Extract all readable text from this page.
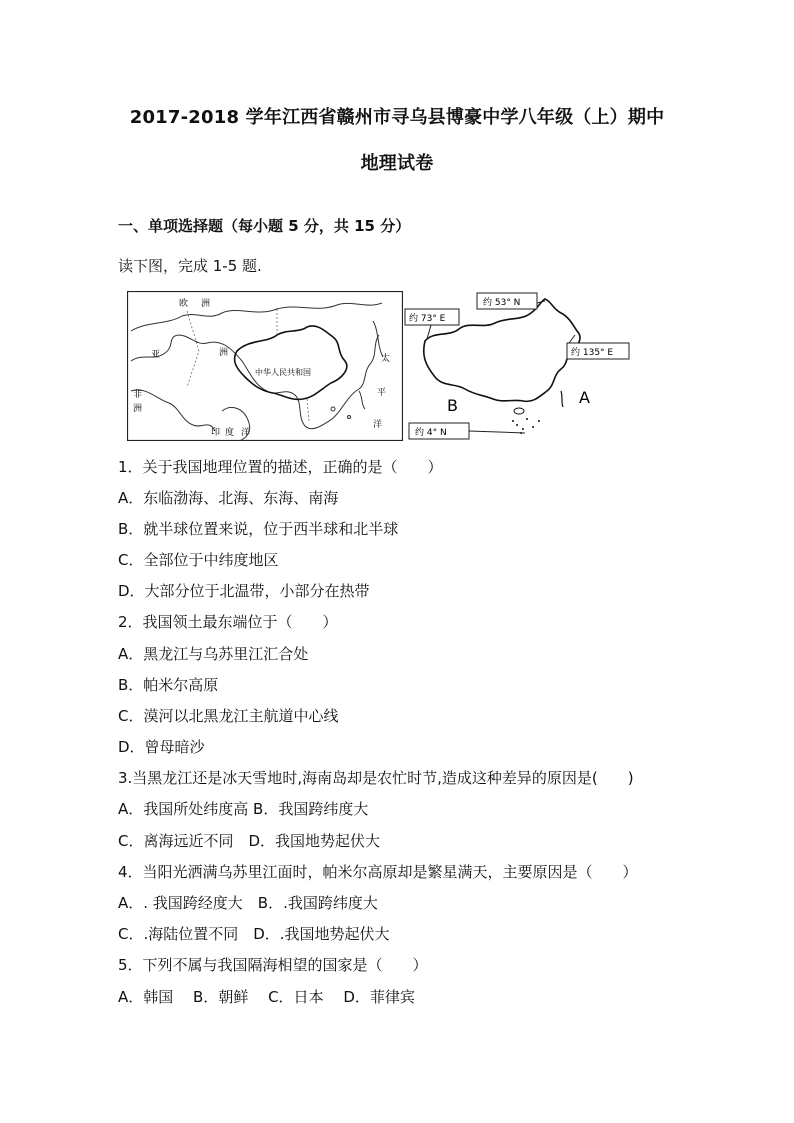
2017-2018 学年江西省赣州市寻乌县博豪中学八年级（上）期中
地理试卷
一、单项选择题（每小题 5 分，共 15 分）
读下图，完成 1-5 题.
欧 洲
亚	洲
非
洲
中华人民共和国
太
平
洋
印 度 洋
约 53° N
约 73° E
约 135° E
约 4° N
A
B
1．关于我国地理位置的描述，正确的是（　　）
A．东临渤海、北海、东海、南海
B．就半球位置来说，位于西半球和北半球
C．全部位于中纬度地区
D．大部分位于北温带，小部分在热带
2．我国领土最东端位于（　　）
A．黑龙江与乌苏里江汇合处
B．帕米尔高原
C．漠河以北黑龙江主航道中心线
D．曾母暗沙
3.当黑龙江还是冰天雪地时,海南岛却是农忙时节,造成这种差异的原因是(　　)
A．我国所处纬度高 B．我国跨纬度大
C．离海远近不同　D．我国地势起伏大
4．当阳光洒满乌苏里江面时，帕米尔高原却是繁星满天，主要原因是（　　）
A．. 我国跨经度大　B．.我国跨纬度大
C．.海陆位置不同　D．.我国地势起伏大
5．下列不属与我国隔海相望的国家是（　　）
A．韩国　 B．朝鲜　 C．日本　 D．菲律宾
